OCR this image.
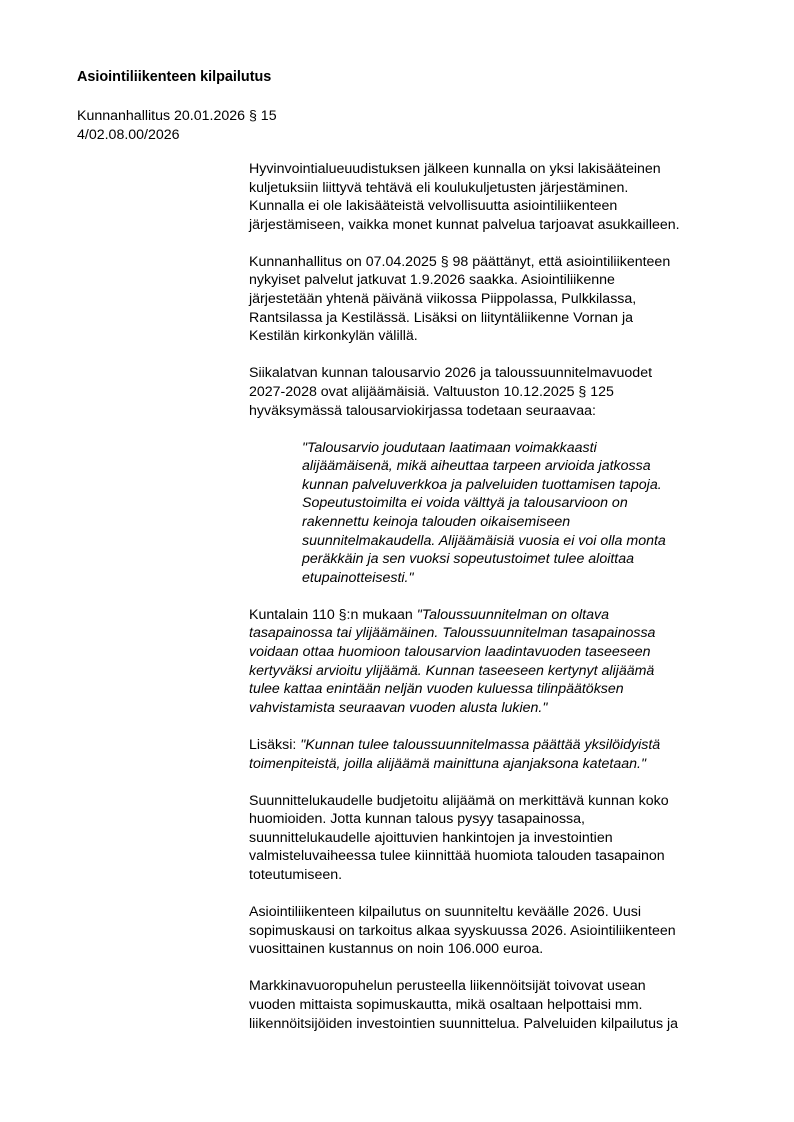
Asiointiliikenteen kilpailutus
Kunnanhallitus 20.01.2026 § 15
4/02.08.00/2026
Hyvinvointialueuudistuksen jälkeen kunnalla on yksi lakisääteinen
kuljetuksiin liittyvä tehtävä eli koulukuljetusten järjestäminen.
Kunnalla ei ole lakisääteistä velvollisuutta asiointiliikenteen
järjestämiseen, vaikka monet kunnat palvelua tarjoavat asukkailleen.
Kunnanhallitus on 07.04.2025 § 98 päättänyt, että asiointiliikenteen
nykyiset palvelut jatkuvat 1.9.2026 saakka. Asiointiliikenne
järjestetään yhtenä päivänä viikossa Piippolassa, Pulkkilassa,
Rantsilassa ja Kestilässä. Lisäksi on liityntäliikenne Vornan ja
Kestilän kirkonkylän välillä.
Siikalatvan kunnan talousarvio 2026 ja taloussuunnitelmavuodet
2027-2028 ovat alijäämäisiä. Valtuuston 10.12.2025 § 125
hyväksymässä talousarviokirjassa todetaan seuraavaa:
"Talousarvio joudutaan laatimaan voimakkaasti
alijäämäisenä, mikä aiheuttaa tarpeen arvioida jatkossa
kunnan palveluverkkoa ja palveluiden tuottamisen tapoja.
Sopeutustoimilta ei voida välttyä ja talousarvioon on
rakennettu keinoja talouden oikaisemiseen
suunnitelmakaudella. Alijäämäisiä vuosia ei voi olla monta
peräkkäin ja sen vuoksi sopeutustoimet tulee aloittaa
etupainotteisesti."
Kuntalain 110 §:n mukaan "Taloussuunnitelman on oltava
tasapainossa tai ylijäämäinen. Taloussuunnitelman tasapainossa
voidaan ottaa huomioon talousarvion laadintavuoden taseeseen
kertyväksi arvioitu ylijäämä. Kunnan taseeseen kertynyt alijäämä
tulee kattaa enintään neljän vuoden kuluessa tilinpäätöksen
vahvistamista seuraavan vuoden alusta lukien."
Lisäksi: "Kunnan tulee taloussuunnitelmassa päättää yksilöidyistä
toimenpiteistä, joilla alijäämä mainittuna ajanjaksona katetaan."
Suunnittelukaudelle budjetoitu alijäämä on merkittävä kunnan koko
huomioiden. Jotta kunnan talous pysyy tasapainossa,
suunnittelukaudelle ajoittuvien hankintojen ja investointien
valmisteluvaiheessa tulee kiinnittää huomiota talouden tasapainon
toteutumiseen.
Asiointiliikenteen kilpailutus on suunniteltu keväälle 2026. Uusi
sopimuskausi on tarkoitus alkaa syyskuussa 2026. Asiointiliikenteen
vuosittainen kustannus on noin 106.000 euroa.
Markkinavuoropuhelun perusteella liikennöitsijät toivovat usean
vuoden mittaista sopimuskautta, mikä osaltaan helpottaisi mm.
liikennöitsijöiden investointien suunnittelua. Palveluiden kilpailutus ja
